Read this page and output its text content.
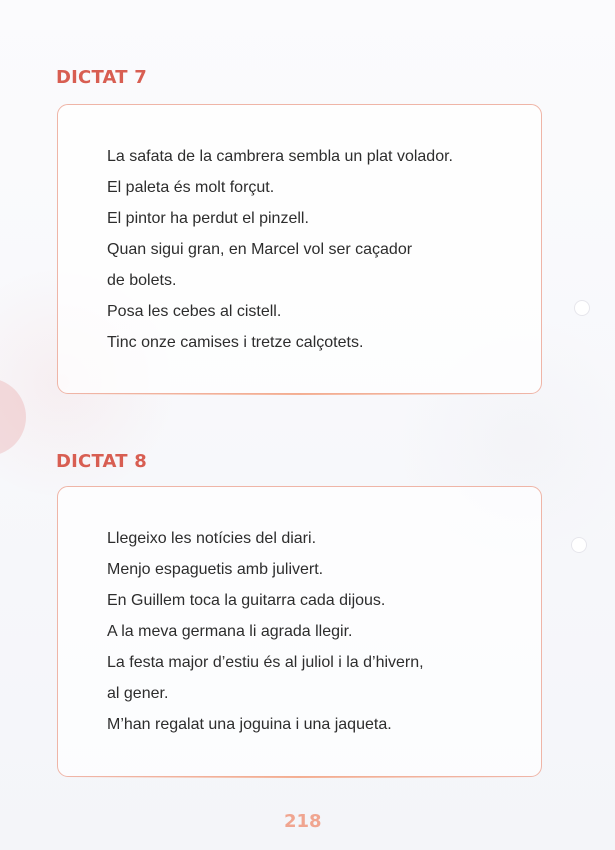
DICTAT 7
La safata de la cambrera sembla un plat volador.
El paleta és molt forçut.
El pintor ha perdut el pinzell.
Quan sigui gran, en Marcel vol ser caçador
de bolets.
Posa les cebes al cistell.
Tinc onze camises i tretze calçotets.
DICTAT 8
Llegeixo les notícies del diari.
Menjo espaguetis amb julivert.
En Guillem toca la guitarra cada dijous.
A la meva germana li agrada llegir.
La festa major d’estiu és al juliol i la d’hivern,
al gener.
M’han regalat una joguina i una jaqueta.
218
